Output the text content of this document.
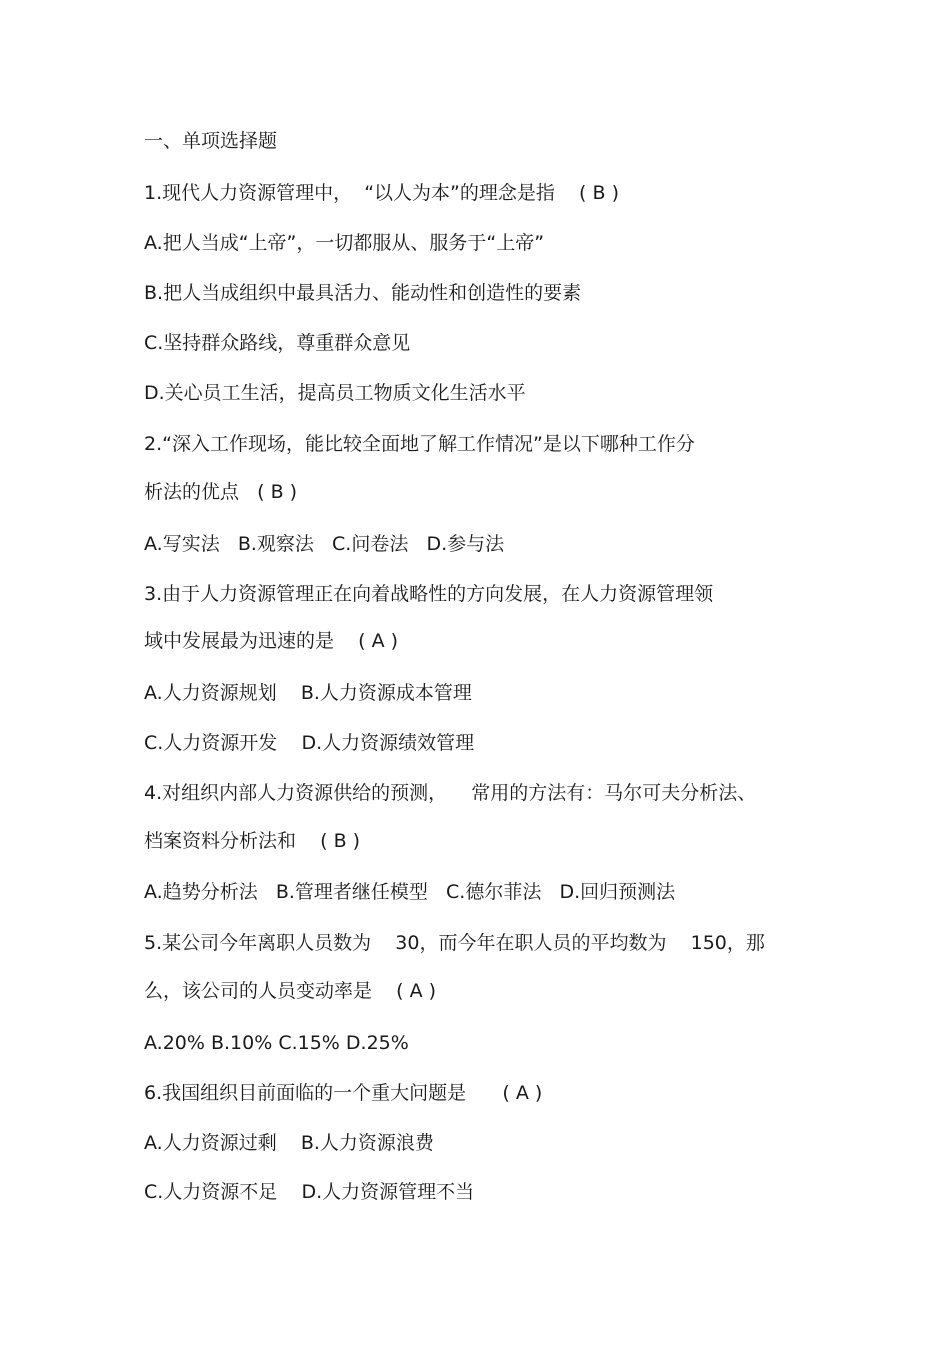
一、单项选择题

1.现代人力资源管理中，  “以人为本”的理念是指    ( B )

A.把人当成“上帝”，一切都服从、服务于“上帝”

B.把人当成组织中最具活力、能动性和创造性的要素

C.坚持群众路线，尊重群众意见

D.关心员工生活，提高员工物质文化生活水平

2.“深入工作现场，能比较全面地了解工作情况”是以下哪种工作分

析法的优点   ( B )

A.写实法   B.观察法   C.问卷法   D.参与法

3.由于人力资源管理正在向着战略性的方向发展，在人力资源管理领

域中发展最为迅速的是    ( A )

A.人力资源规划    B.人力资源成本管理

C.人力资源开发    D.人力资源绩效管理

4.对组织内部人力资源供给的预测，    常用的方法有：马尔可夫分析法、

档案资料分析法和    ( B )

A.趋势分析法   B.管理者继任模型   C.德尔菲法   D.回归预测法

5.某公司今年离职人员数为    30，而今年在职人员的平均数为    150，那

么，该公司的人员变动率是    ( A )

A.20% B.10% C.15% D.25%

6.我国组织目前面临的一个重大问题是      ( A )

A.人力资源过剩    B.人力资源浪费

C.人力资源不足    D.人力资源管理不当
